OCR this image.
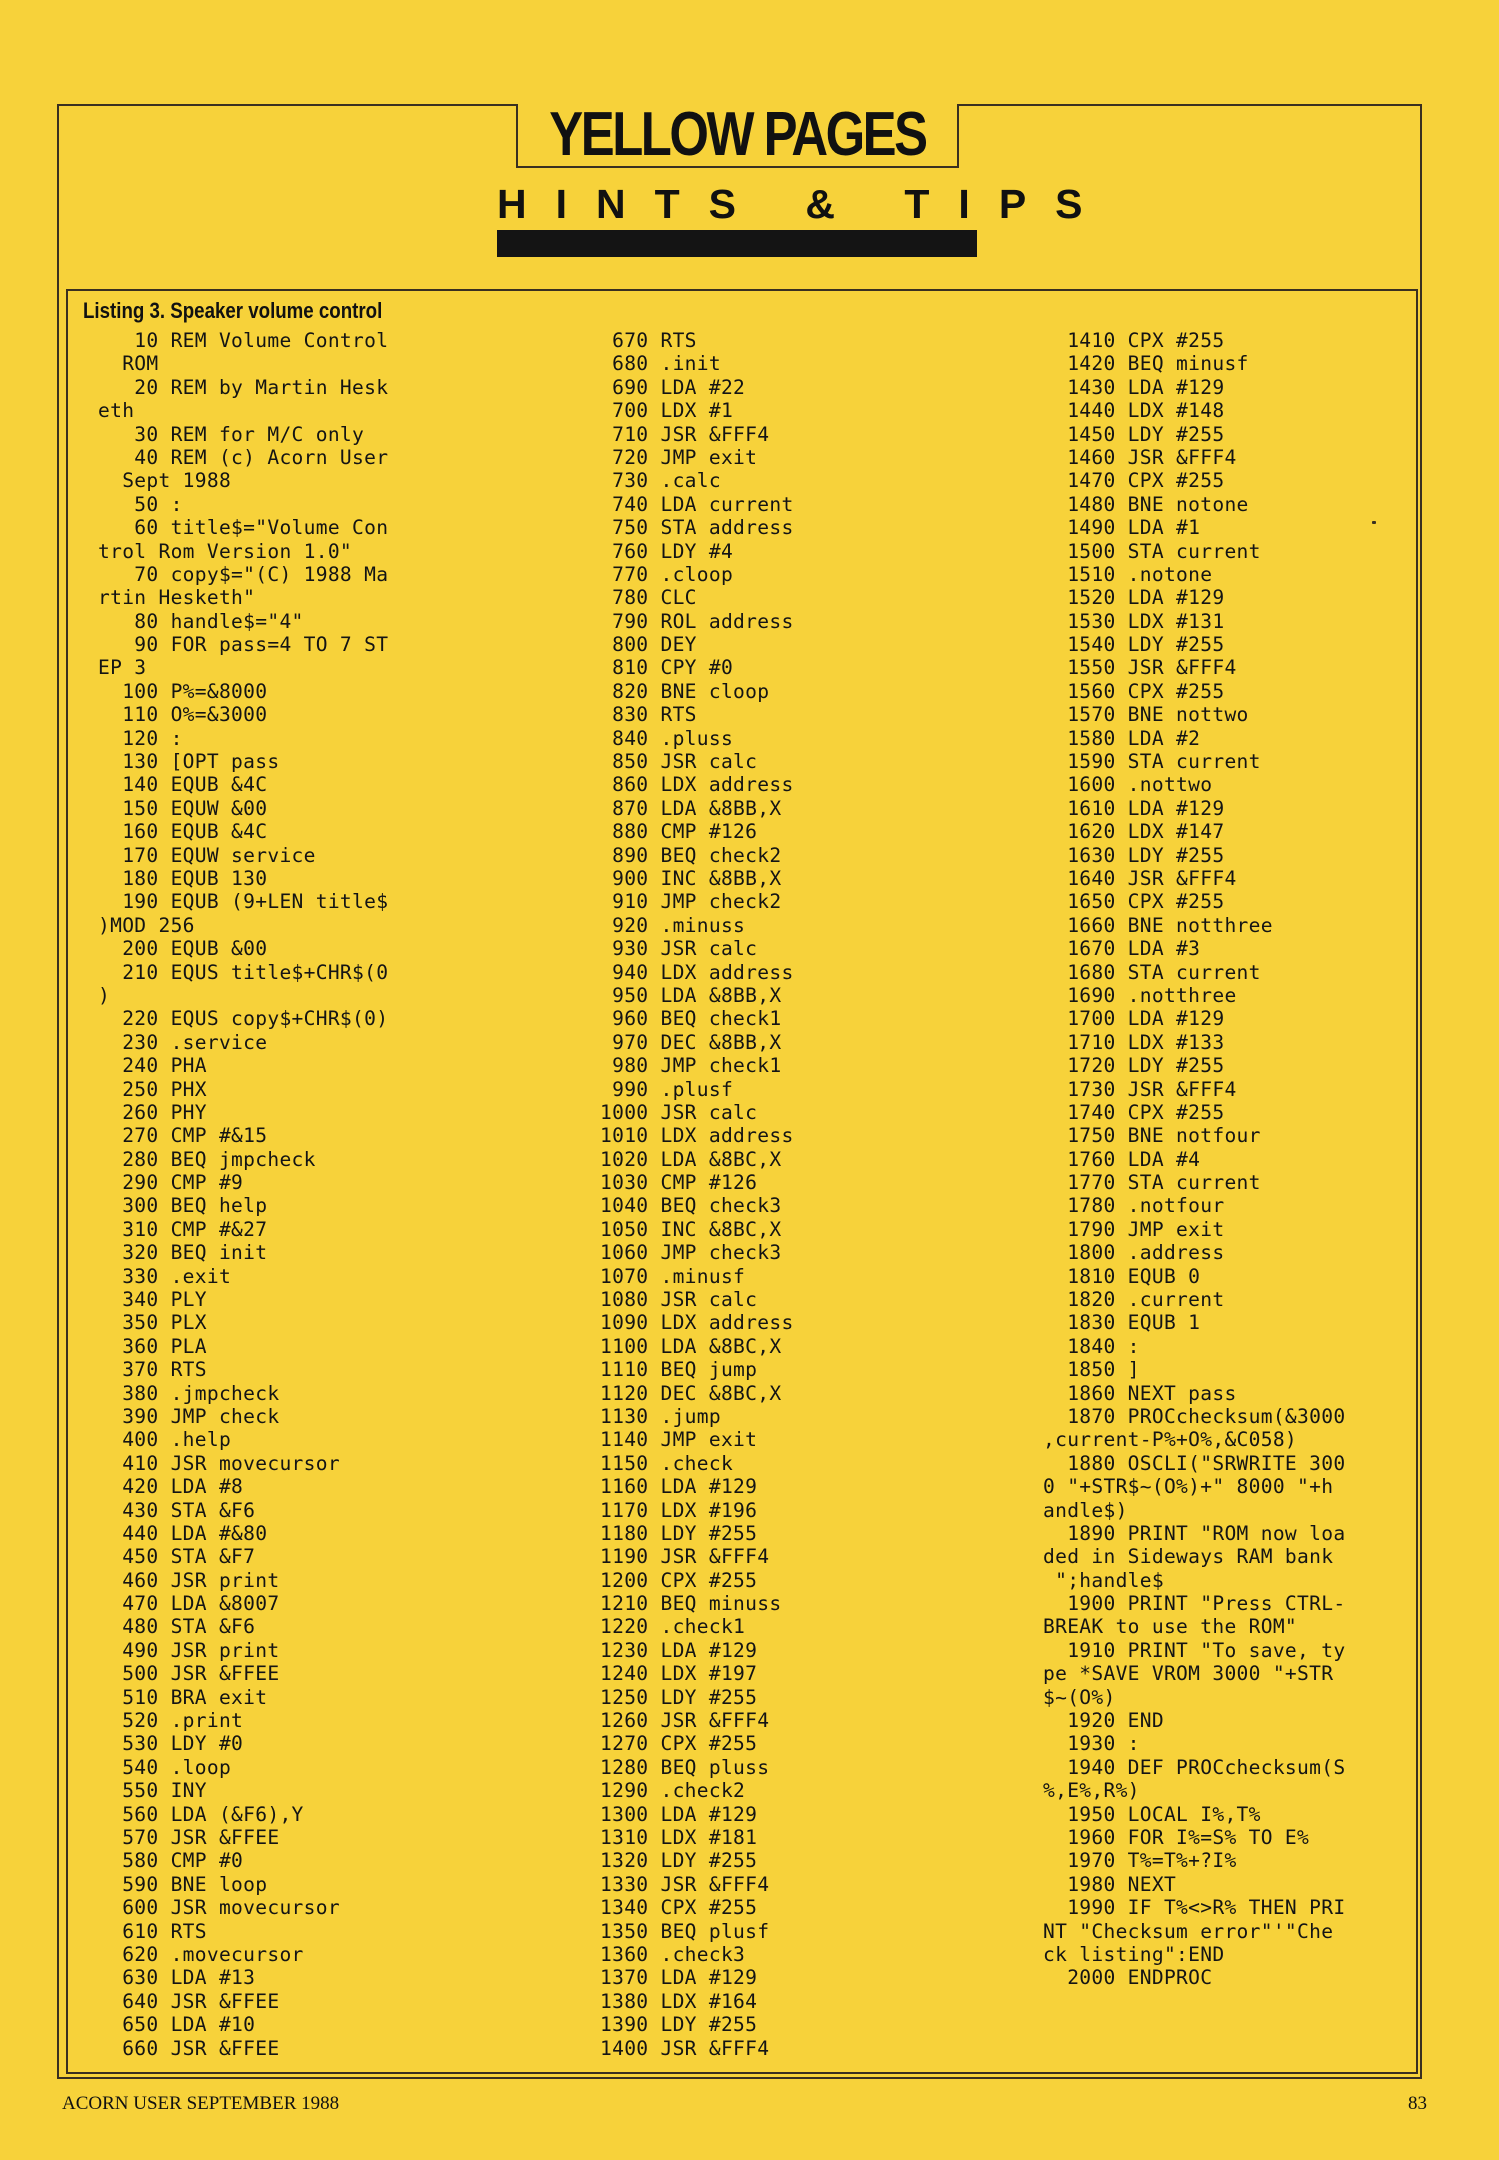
YELLOW PAGES
HINTS & TIPS
Listing 3. Speaker volume control
10 REM Volume Control
ROM
20 REM by Martin Hesk
eth
30 REM for M/C only
40 REM (c) Acorn User
Sept 1988
50 :
60 title$="Volume Con
trol Rom Version 1.0"
70 copy$="(C) 1988 Ma
rtin Hesketh"
80 handle$="4"
90 FOR pass=4 TO 7 ST
EP 3
100 P%=&8000
110 O%=&3000
120 :
130 [OPT pass
140 EQUB &4C
150 EQUW &00
160 EQUB &4C
170 EQUW service
180 EQUB 130
190 EQUB (9+LEN title$
)MOD 256
200 EQUB &00
210 EQUS title$+CHR$(0
)
220 EQUS copy$+CHR$(0)
230 .service
240 PHA
250 PHX
260 PHY
270 CMP #&15
280 BEQ jmpcheck
290 CMP #9
300 BEQ help
310 CMP #&27
320 BEQ init
330 .exit
340 PLY
350 PLX
360 PLA
370 RTS
380 .jmpcheck
390 JMP check
400 .help
410 JSR movecursor
420 LDA #8
430 STA &F6
440 LDA #&80
450 STA &F7
460 JSR print
470 LDA &8007
480 STA &F6
490 JSR print
500 JSR &FFEE
510 BRA exit
520 .print
530 LDY #0
540 .loop
550 INY
560 LDA (&F6),Y
570 JSR &FFEE
580 CMP #0
590 BNE loop
600 JSR movecursor
610 RTS
620 .movecursor
630 LDA #13
640 JSR &FFEE
650 LDA #10
660 JSR &FFEE
670 RTS
680 .init
690 LDA #22
700 LDX #1
710 JSR &FFF4
720 JMP exit
730 .calc
740 LDA current
750 STA address
760 LDY #4
770 .cloop
780 CLC
790 ROL address
800 DEY
810 CPY #0
820 BNE cloop
830 RTS
840 .pluss
850 JSR calc
860 LDX address
870 LDA &8BB,X
880 CMP #126
890 BEQ check2
900 INC &8BB,X
910 JMP check2
920 .minuss
930 JSR calc
940 LDX address
950 LDA &8BB,X
960 BEQ check1
970 DEC &8BB,X
980 JMP check1
990 .plusf
1000 JSR calc
1010 LDX address
1020 LDA &8BC,X
1030 CMP #126
1040 BEQ check3
1050 INC &8BC,X
1060 JMP check3
1070 .minusf
1080 JSR calc
1090 LDX address
1100 LDA &8BC,X
1110 BEQ jump
1120 DEC &8BC,X
1130 .jump
1140 JMP exit
1150 .check
1160 LDA #129
1170 LDX #196
1180 LDY #255
1190 JSR &FFF4
1200 CPX #255
1210 BEQ minuss
1220 .check1
1230 LDA #129
1240 LDX #197
1250 LDY #255
1260 JSR &FFF4
1270 CPX #255
1280 BEQ pluss
1290 .check2
1300 LDA #129
1310 LDX #181
1320 LDY #255
1330 JSR &FFF4
1340 CPX #255
1350 BEQ plusf
1360 .check3
1370 LDA #129
1380 LDX #164
1390 LDY #255
1400 JSR &FFF4
1410 CPX #255
1420 BEQ minusf
1430 LDA #129
1440 LDX #148
1450 LDY #255
1460 JSR &FFF4
1470 CPX #255
1480 BNE notone
1490 LDA #1
1500 STA current
1510 .notone
1520 LDA #129
1530 LDX #131
1540 LDY #255
1550 JSR &FFF4
1560 CPX #255
1570 BNE nottwo
1580 LDA #2
1590 STA current
1600 .nottwo
1610 LDA #129
1620 LDX #147
1630 LDY #255
1640 JSR &FFF4
1650 CPX #255
1660 BNE notthree
1670 LDA #3
1680 STA current
1690 .notthree
1700 LDA #129
1710 LDX #133
1720 LDY #255
1730 JSR &FFF4
1740 CPX #255
1750 BNE notfour
1760 LDA #4
1770 STA current
1780 .notfour
1790 JMP exit
1800 .address
1810 EQUB 0
1820 .current
1830 EQUB 1
1840 :
1850 ]
1860 NEXT pass
1870 PROCchecksum(&3000
,current-P%+O%,&C058)
1880 OSCLI("SRWRITE 300
0 "+STR$~(O%)+" 8000 "+h
andle$)
1890 PRINT "ROM now loa
ded in Sideways RAM bank
";handle$
1900 PRINT "Press CTRL-
BREAK to use the ROM"
1910 PRINT "To save, ty
pe *SAVE VROM 3000 "+STR
$~(O%)
1920 END
1930 :
1940 DEF PROCchecksum(S
%,E%,R%)
1950 LOCAL I%,T%
1960 FOR I%=S% TO E%
1970 T%=T%+?I%
1980 NEXT
1990 IF T%<>R% THEN PRI
NT "Checksum error"'"Che
ck listing":END
2000 ENDPROC
ACORN USER SEPTEMBER 1988	83
